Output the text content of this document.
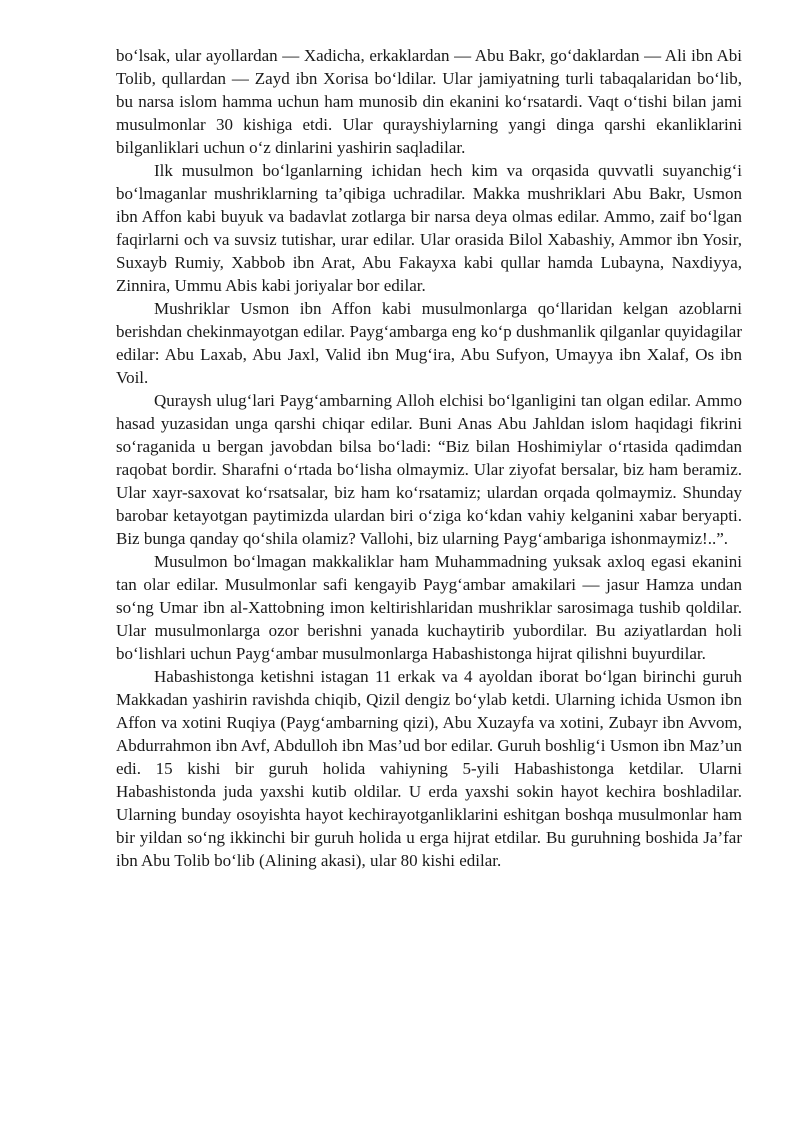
bo‘lsak, ular ayollardan — Xadicha, erkaklardan — Abu Bakr, go‘daklardan — Ali ibn Abi Tolib, qullardan — Zayd ibn Xorisa bo‘ldilar. Ular jamiyatning turli tabaqalaridan bo‘lib, bu narsa islom hamma uchun ham munosib din ekanini ko‘rsatardi. Vaqt o‘tishi bilan jami musulmonlar 30 kishiga etdi. Ular qurayshiylarning yangi dinga qarshi ekanliklarini bilganliklari uchun o‘z dinlarini yashirin saqladilar.

Ilk musulmon bo‘lganlarning ichidan hech kim va orqasida quvvatli suyanchig‘i bo‘lmaganlar mushriklarning ta’qibiga uchradilar. Makka mushriklari Abu Bakr, Usmon ibn Affon kabi buyuk va badavlat zotlarga bir narsa deya olmas edilar. Ammo, zaif bo‘lgan faqirlarni och va suvsiz tutishar, urar edilar. Ular orasida Bilol Xabashiy, Ammor ibn Yosir, Suxayb Rumiy, Xabbob ibn Arat, Abu Fakayxa kabi qullar hamda Lubayna, Naxdiyya, Zinnira, Ummu Abis kabi joriyalar bor edilar.

Mushriklar Usmon ibn Affon kabi musulmonlarga qo‘llaridan kelgan azoblarni berishdan chekinmayotgan edilar. Payg‘ambarga eng ko‘p dushmanlik qilganlar quyidagilar edilar: Abu Laxab, Abu Jaxl, Valid ibn Mug‘ira, Abu Sufyon, Umayya ibn Xalaf, Os ibn Voil.

Quraysh ulug‘lari Payg‘ambarning Alloh elchisi bo‘lganligini tan olgan edilar. Ammo hasad yuzasidan unga qarshi chiqar edilar. Buni Anas Abu Jahldan islom haqidagi fikrini so‘raganida u bergan javobdan bilsa bo‘ladi: “Biz bilan Hoshimiylar o‘rtasida qadimdan raqobat bordir. Sharafni o‘rtada bo‘lisha olmaymiz. Ular ziyofat bersalar, biz ham beramiz. Ular xayr-saxovat ko‘rsatsalar, biz ham ko‘rsatamiz; ulardan orqada qolmaymiz. Shunday barobar ketayotgan paytimizda ulardan biri o‘ziga ko‘kdan vahiy kelganini xabar beryapti. Biz bunga qanday qo‘shila olamiz? Vallohi, biz ularning Payg‘ambariga ishonmaymiz!..”.

Musulmon bo‘lmagan makkaliklar ham Muhammadning yuksak axloq egasi ekanini tan olar edilar. Musulmonlar safi kengayib Payg‘ambar amakilari — jasur Hamza undan so‘ng Umar ibn al-Xattobning imon keltirishlaridan mushriklar sarosimaga tushib qoldilar. Ular musulmonlarga ozor berishni yanada kuchaytirib yubordilar. Bu aziyatlardan holi bo‘lishlari uchun Payg‘ambar musulmonlarga Habashistonga hijrat qilishni buyurdilar.

Habashistonga ketishni istagan 11 erkak va 4 ayoldan iborat bo‘lgan birinchi guruh Makkadan yashirin ravishda chiqib, Qizil dengiz bo‘ylab ketdi. Ularning ichida Usmon ibn Affon va xotini Ruqiya (Payg‘ambarning qizi), Abu Xuzayfa va xotini, Zubayr ibn Avvom, Abdurrahmon ibn Avf, Abdulloh ibn Mas’ud bor edilar. Guruh boshlig‘i Usmon ibn Maz’un edi. 15 kishi bir guruh holida vahiyning 5-yili Habashistonga ketdilar. Ularni Habashistonda juda yaxshi kutib oldilar. U erda yaxshi sokin hayot kechira boshladilar. Ularning bunday osoyishta hayot kechirayotganliklarini eshitgan boshqa musulmonlar ham bir yildan so‘ng ikkinchi bir guruh holida u erga hijrat etdilar. Bu guruhning boshida Ja’far ibn Abu Tolib bo‘lib (Alining akasi), ular 80 kishi edilar.
